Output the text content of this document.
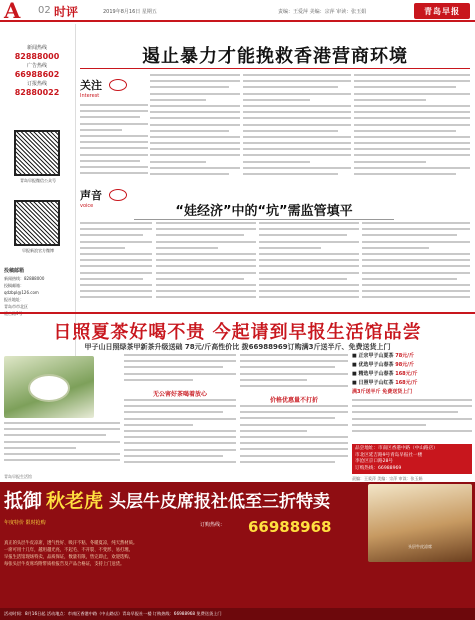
A 02 时评	2019年8月16日 星期五	责编：王爱萍 美编：宗萍 审读：张玉娟	青岛早报
新闻热线
82888000
广告热线
66988602
订报热线
82880022
青岛早报微信公众号
早报新浪官方微博
投稿邮箱
新闻热线：82888000
投稿邮箱：
qdzbpl@126.com
报社地址：
青岛市市北区
遏止暴力才能挽救香港营商环境
关注
Interest
声音
voice	“娃经济”中的“坑”需监管填平
日照夏茶好喝不贵 今起请到早报生活馆品尝
甲子山日照绿茶甲新茶升级送础 78元/斤高性价比 拨66988969订购满3斤送半斤、免费送货上门
无公害好茶喝着放心
价格优惠量不打折
■ 正宗甲子山夏茶 78元/斤
■ 优选甲子山春茶 98元/斤
■ 精选甲子山春茶 168元/斤
■ 日照甲子山红茶 168元/斤
满3斤送半斤 免费送货上门
品尝地址：市南区香港中路（中山路店）
市北区延吉路9号青岛早报社一楼
李沧区京口路28号
订购热线：66988969
责编：王爱萍 美编：宗萍 审读：张玉娟
青岛早报生活馆
抵御 秋老虎 头层牛皮席报社低至三折特卖
头层牛皮凉席
年度特价 限时抢购	订购热线： 66988968
真正的头层牛皮凉席，透气性好、吸汗不粘、冬暖夏凉，纯天然材质。
一席可用十几年，越用越光亮，不起毛、不开裂、不变形、易打理。
早报生活馆现场特卖，品质保证，数量有限，售完即止，欢迎选购。
每张头层牛皮席均附带质检报告及产品合格证，支持上门送货。
活动时间：8月16日起 活动地点：市南区香港中路（中山路店）青岛早报社一楼 订购热线：66988968 免费送货上门
